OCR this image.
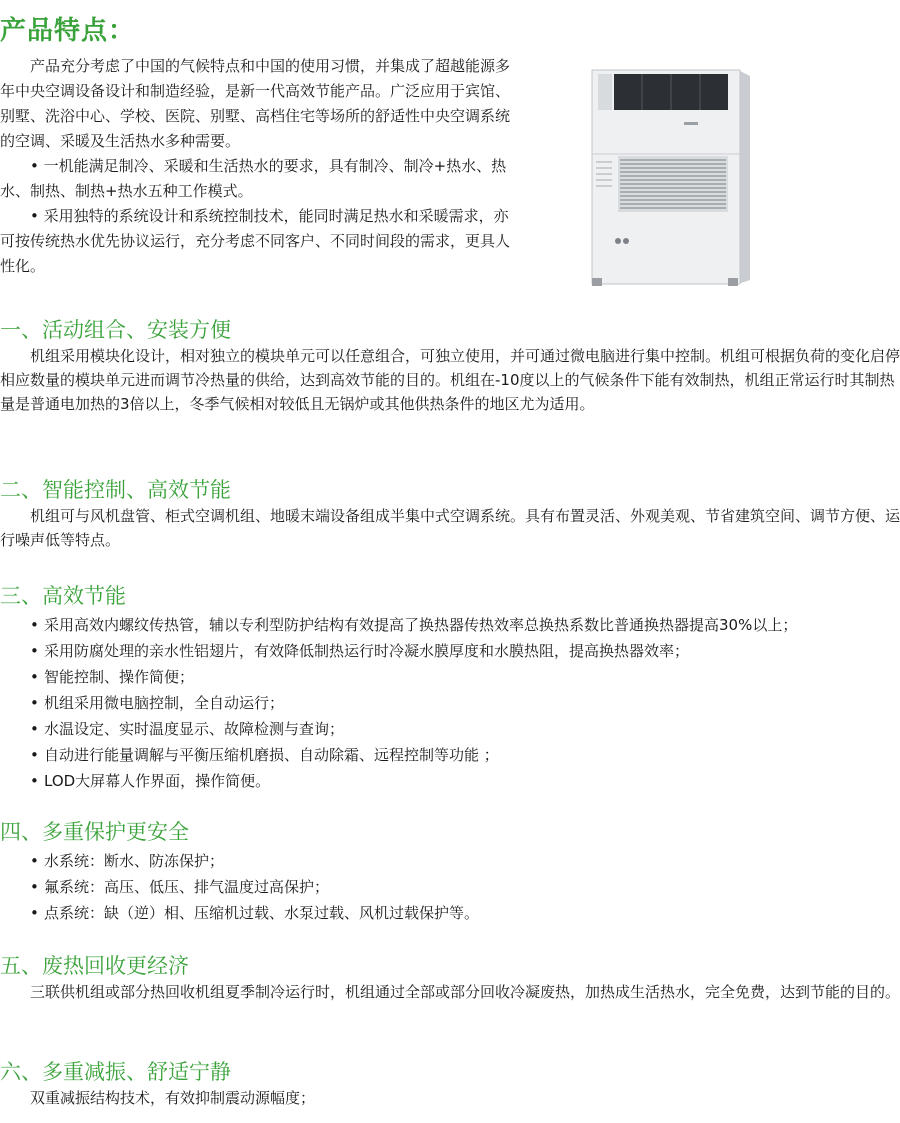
产品特点：

产品充分考虑了中国的气候特点和中国的使用习惯，并集成了超越能源多年中央空调设备设计和制造经验，是新一代高效节能产品。广泛应用于宾馆、别墅、洗浴中心、学校、医院、别墅、高档住宅等场所的舒适性中央空调系统的空调、采暖及生活热水多种需要。

• 一机能满足制冷、采暖和生活热水的要求，具有制冷、制冷+热水、热水、制热、制热+热水五种工作模式。

• 采用独特的系统设计和系统控制技术，能同时满足热水和采暖需求，亦可按传统热水优先协议运行，充分考虑不同客户、不同时间段的需求，更具人性化。

一、活动组合、安装方便

机组采用模块化设计，相对独立的模块单元可以任意组合，可独立使用，并可通过微电脑进行集中控制。机组可根据负荷的变化启停相应数量的模块单元进而调节冷热量的供给，达到高效节能的目的。机组在-10度以上的气候条件下能有效制热，机组正常运行时其制热量是普通电加热的3倍以上，冬季气候相对较低且无锅炉或其他供热条件的地区尤为适用。

二、智能控制、高效节能

机组可与风机盘管、柜式空调机组、地暖末端设备组成半集中式空调系统。具有布置灵活、外观美观、节省建筑空间、调节方便、运行噪声低等特点。

三、高效节能
• 采用高效内螺纹传热管，辅以专利型防护结构有效提高了换热器传热效率总换热系数比普通换热器提高30%以上；
• 采用防腐处理的亲水性铝翅片，有效降低制热运行时冷凝水膜厚度和水膜热阻，提高换热器效率；
• 智能控制、操作简便；
• 机组采用微电脑控制，全自动运行；
• 水温设定、实时温度显示、故障检测与查询；
• 自动进行能量调解与平衡压缩机磨损、自动除霜、远程控制等功能 ；
• LOD大屏幕人作界面，操作简便。
四、多重保护更安全
• 水系统：断水、防冻保护；
• 氟系统：高压、低压、排气温度过高保护；
• 点系统：缺（逆）相、压缩机过载、水泵过载、风机过载保护等。
五、废热回收更经济

三联供机组或部分热回收机组夏季制冷运行时，机组通过全部或部分回收冷凝废热，加热成生活热水，完全免费，达到节能的目的。

六、多重减振、舒适宁静

双重减振结构技术，有效抑制震动源幅度；
